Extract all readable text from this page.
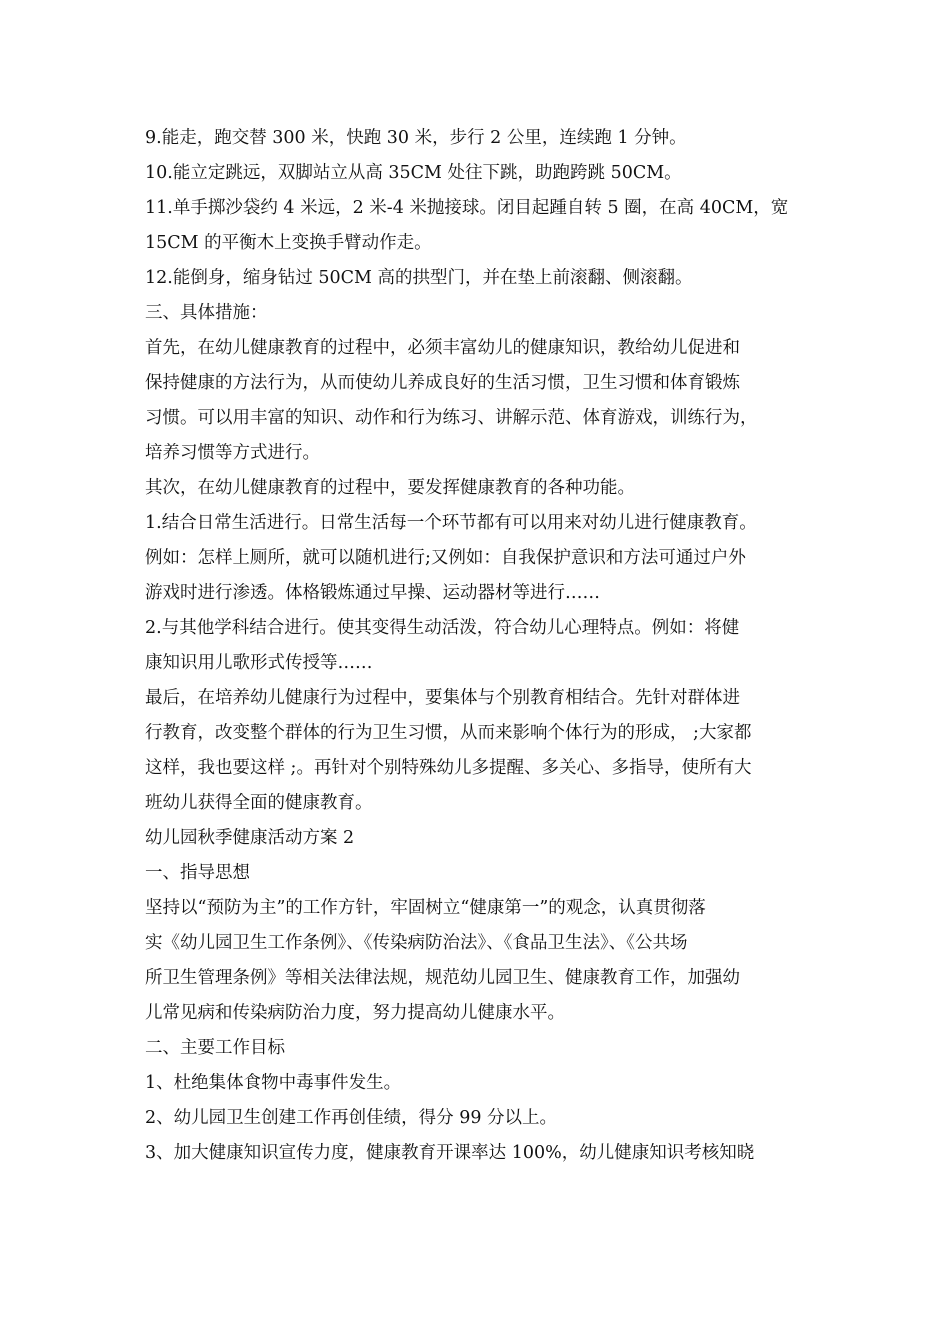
9.能走，跑交替 300 米，快跑 30 米，步行 2 公里，连续跑 1 分钟。
10.能立定跳远，双脚站立从高 35CM 处往下跳，助跑跨跳 50CM。
11.单手掷沙袋约 4 米远，2 米-4 米抛接球。闭目起踵自转 5 圈，在高 40CM，宽
15CM 的平衡木上变换手臂动作走。
12.能倒身，缩身钻过 50CM 高的拱型门，并在垫上前滚翻、侧滚翻。
三、具体措施：
首先，在幼儿健康教育的过程中，必须丰富幼儿的健康知识，教给幼儿促进和
保持健康的方法行为，从而使幼儿养成良好的生活习惯，卫生习惯和体育锻炼
习惯。可以用丰富的知识、动作和行为练习、讲解示范、体育游戏，训练行为，
培养习惯等方式进行。
其次，在幼儿健康教育的过程中，要发挥健康教育的各种功能。
1.结合日常生活进行。日常生活每一个环节都有可以用来对幼儿进行健康教育。
例如：怎样上厕所，就可以随机进行;又例如：自我保护意识和方法可通过户外
游戏时进行渗透。体格锻炼通过早操、运动器材等进行……
2.与其他学科结合进行。使其变得生动活泼，符合幼儿心理特点。例如：将健
康知识用儿歌形式传授等……
最后，在培养幼儿健康行为过程中，要集体与个别教育相结合。先针对群体进
行教育，改变整个群体的行为卫生习惯，从而来影响个体行为的形成， ;大家都
这样，我也要这样 ;。再针对个别特殊幼儿多提醒、多关心、多指导，使所有大
班幼儿获得全面的健康教育。
幼儿园秋季健康活动方案 2
一、指导思想
坚持以“预防为主”的工作方针，牢固树立“健康第一”的观念，认真贯彻落
实《幼儿园卫生工作条例》、《传染病防治法》、《食品卫生法》、《公共场
所卫生管理条例》等相关法律法规，规范幼儿园卫生、健康教育工作，加强幼
儿常见病和传染病防治力度，努力提高幼儿健康水平。
二、主要工作目标
1、杜绝集体食物中毒事件发生。
2、幼儿园卫生创建工作再创佳绩，得分 99 分以上。
3、加大健康知识宣传力度，健康教育开课率达 100%，幼儿健康知识考核知晓
